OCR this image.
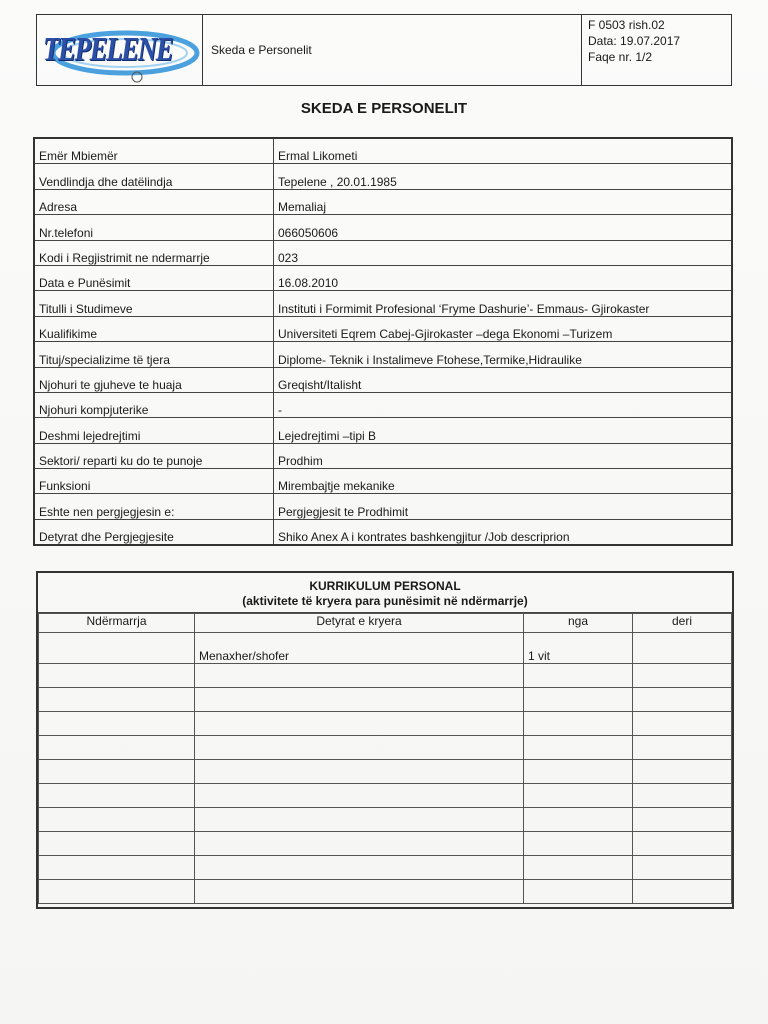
TEPELENE	Skeda e Personelit
F 0503 rish.02
Data: 19.07.2017
Faqe nr. 1/2
SKEDA E PERSONELIT
Emër Mbiemër	Ermal Likometi
Vendlindja dhe datëlindja	Tepelene , 20.01.1985
Adresa	Memaliaj
Nr.telefoni	066050606
Kodi i Regjistrimit ne ndermarrje	023
Data e Punësimit	16.08.2010
Titulli i Studimeve	Instituti i Formimit Profesional ‘Fryme Dashurie’- Emmaus- Gjirokaster
Kualifikime	Universiteti Eqrem Cabej-Gjirokaster –dega Ekonomi –Turizem
Tituj/specializime të tjera	Diplome- Teknik i Instalimeve Ftohese,Termike,Hidraulike
Njohuri te gjuheve te huaja	Greqisht/Italisht
Njohuri kompjuterike	-
Deshmi lejedrejtimi	Lejedrejtimi –tipi B
Sektori/ reparti ku do te punoje	Prodhim
Funksioni	Mirembajtje mekanike
Eshte nen pergjegjesin e:	Pergjegjesit te Prodhimit
Detyrat dhe Pergjegjesite	Shiko Anex A i kontrates bashkengjitur /Job descriprion
KURRIKULUM PERSONAL
(aktivitete të kryera para punësimit në ndërmarrje)
Ndërmarrja	Detyrat e kryera	nga	deri
	Menaxher/shofer	1 vit	
